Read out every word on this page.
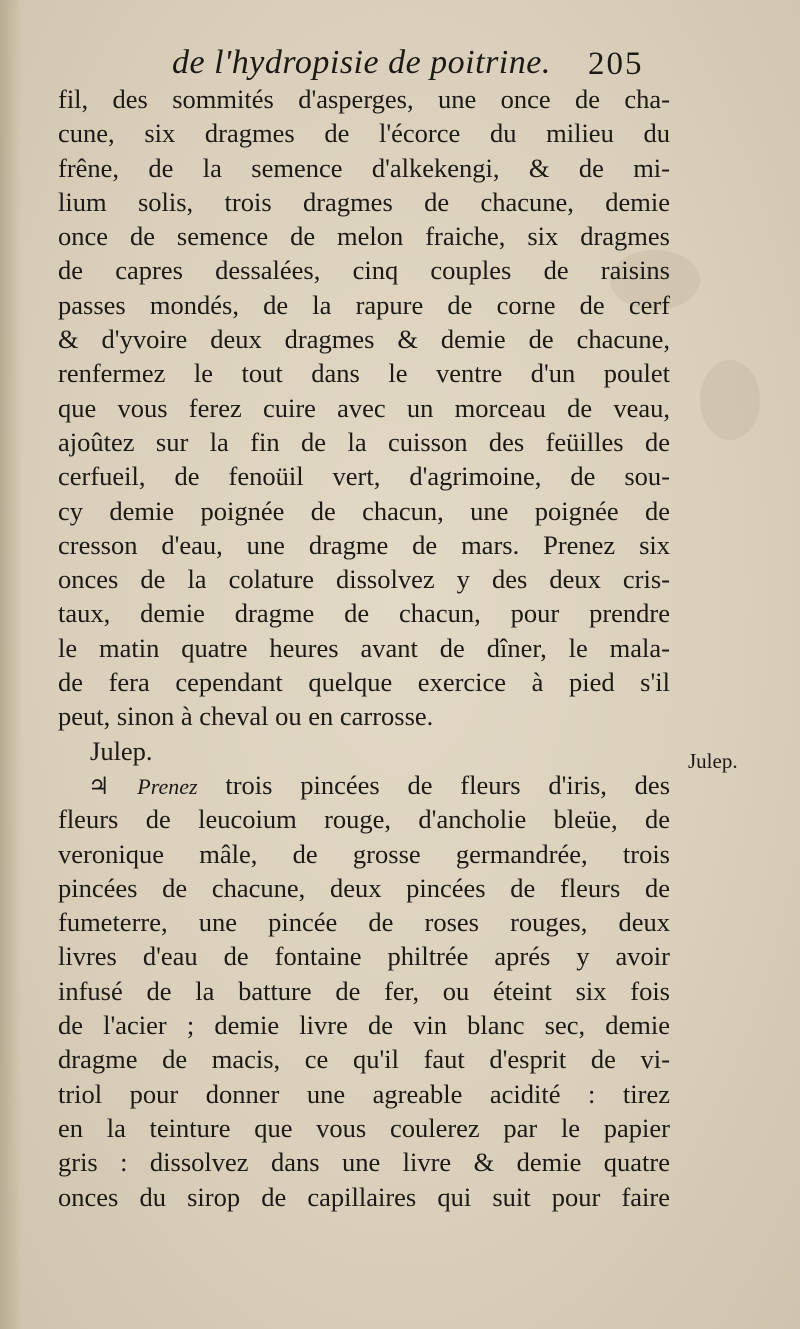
de l'hydropisie de poitrine. 205
fil, des sommités d'asperges, une once de cha-
cune, six dragmes de l'écorce du milieu du
frêne, de la semence d'alkekengi, & de mi-
lium solis, trois dragmes de chacune, demie
once de semence de melon fraiche, six dragmes
de capres dessalées, cinq couples de raisins
passes mondés, de la rapure de corne de cerf
& d'yvoire deux dragmes & demie de chacune,
renfermez le tout dans le ventre d'un poulet
que vous ferez cuire avec un morceau de veau,
ajoûtez sur la fin de la cuisson des feüilles de
cerfueil, de fenoüil vert, d'agrimoine, de sou-
cy demie poignée de chacun, une poignée de
cresson d'eau, une dragme de mars. Prenez six
onces de la colature dissolvez y des deux cris-
taux, demie dragme de chacun, pour prendre
le matin quatre heures avant de dîner, le mala-
de fera cependant quelque exercice à pied s'il
peut, sinon à cheval ou en carrosse.
Julep.
♃ Prenez trois pincées de fleurs d'iris, des
fleurs de leucoium rouge, d'ancholie bleüe, de
veronique mâle, de grosse germandrée, trois
pincées de chacune, deux pincées de fleurs de
fumeterre, une pincée de roses rouges, deux
livres d'eau de fontaine philtrée aprés y avoir
infusé de la batture de fer, ou éteint six fois
de l'acier ; demie livre de vin blanc sec, demie
dragme de macis, ce qu'il faut d'esprit de vi-
triol pour donner une agreable acidité : tirez
en la teinture que vous coulerez par le papier
gris : dissolvez dans une livre & demie quatre
onces du sirop de capillaires qui suit pour faire
Julep.
